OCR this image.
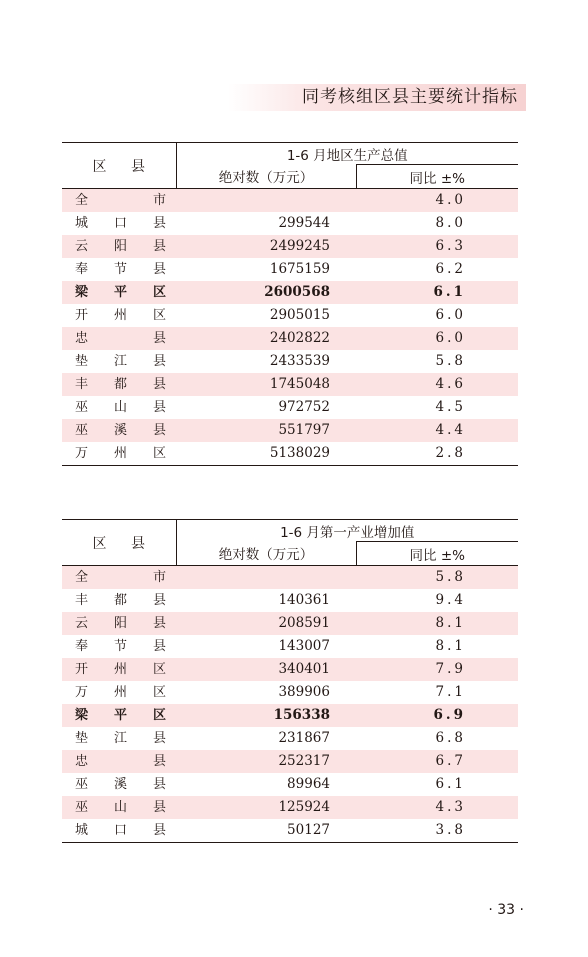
同考核组区县主要统计指标
区 县	1-6 月地区生产总值	
	绝对数（万元）	同比 ±%
全 市		4.0
城 口 县	299544	8.0
云 阳 县	2499245	6.3
奉 节 县	1675159	6.2
梁 平 区	2600568	6.1
开 州 区	2905015	6.0
忠 县	2402822	6.0
垫 江 县	2433539	5.8
丰 都 县	1745048	4.6
巫 山 县	972752	4.5
巫 溪 县	551797	4.4
万 州 区	5138029	2.8
区 县	1-6 月第一产业增加值	
	绝对数（万元）	同比 ±%
全 市		5.8
丰 都 县	140361	9.4
云 阳 县	208591	8.1
奉 节 县	143007	8.1
开 州 区	340401	7.9
万 州 区	389906	7.1
梁 平 区	156338	6.9
垫 江 县	231867	6.8
忠 县	252317	6.7
巫 溪 县	89964	6.1
巫 山 县	125924	4.3
城 口 县	50127	3.8
· 33 ·
